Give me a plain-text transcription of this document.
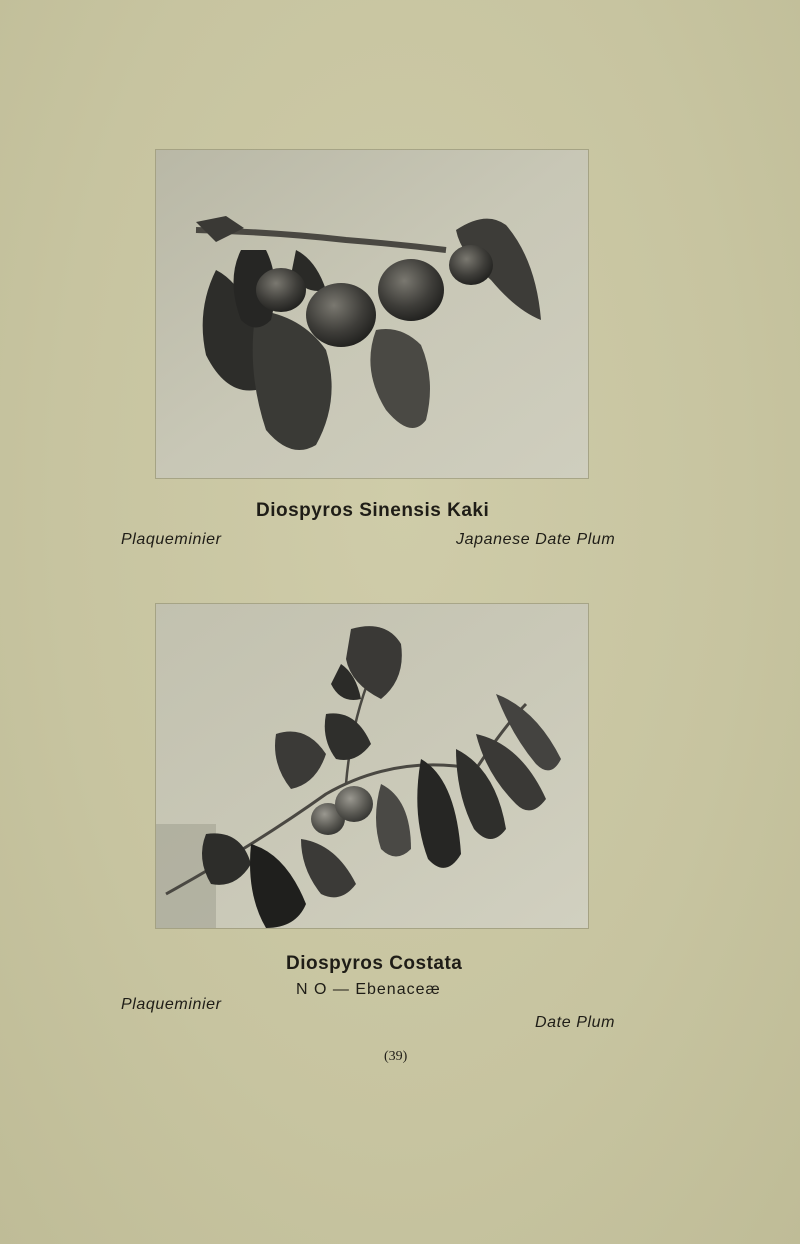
Diospyros Sinensis Kaki
Plaqueminier	Japanese Date Plum
Diospyros Costata
N O — Ebenaceæ
Plaqueminier
Date Plum
(39)
